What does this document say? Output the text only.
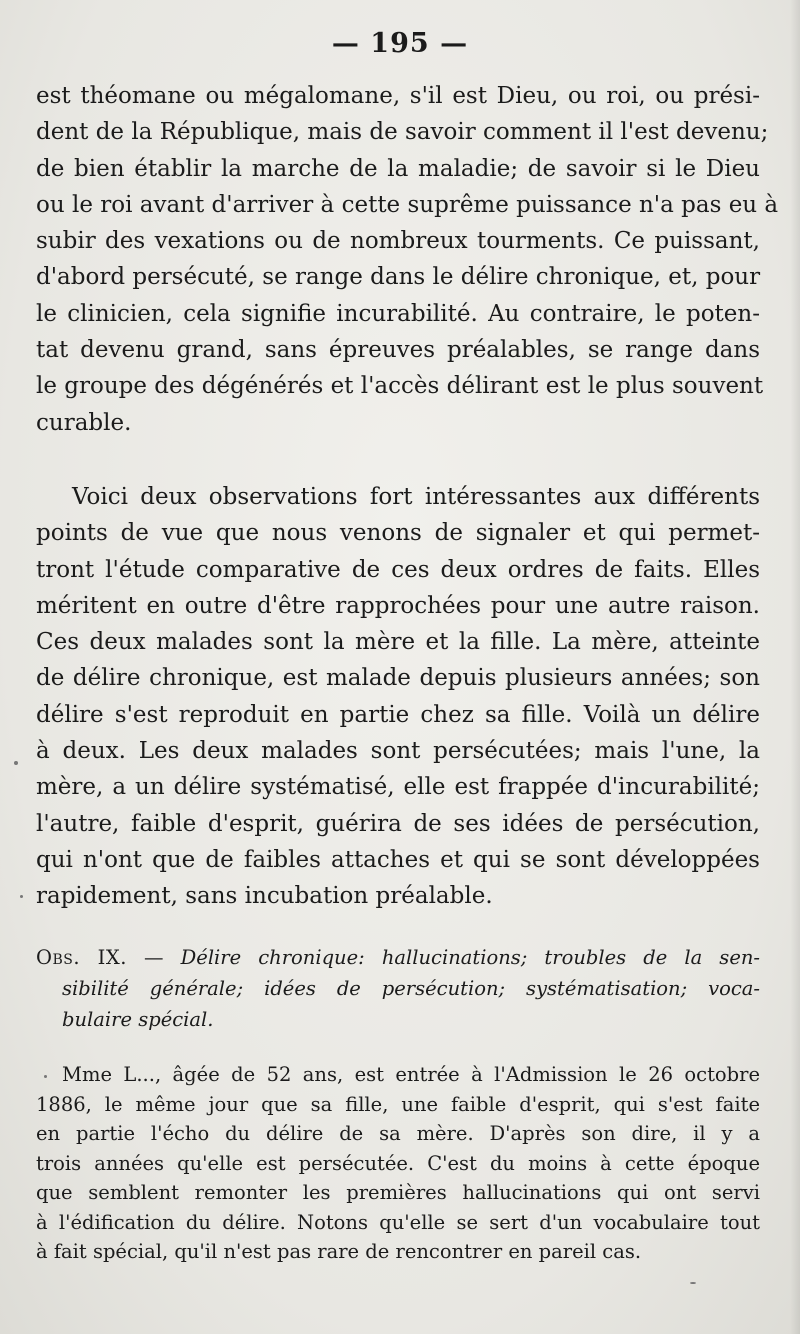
— 195 —
est théomane ou mégalomane, s'il est Dieu, ou roi, ou prési-
dent de la République, mais de savoir comment il l'est devenu;
de bien établir la marche de la maladie; de savoir si le Dieu
ou le roi avant d'arriver à cette suprême puissance n'a pas eu à
subir des vexations ou de nombreux tourments. Ce puissant,
d'abord persécuté, se range dans le délire chronique, et, pour
le clinicien, cela signifie incurabilité. Au contraire, le poten-
tat devenu grand, sans épreuves préalables, se range dans
le groupe des dégénérés et l'accès délirant est le plus souvent
curable.
Voici deux observations fort intéressantes aux différents
points de vue que nous venons de signaler et qui permet-
tront l'étude comparative de ces deux ordres de faits. Elles
méritent en outre d'être rapprochées pour une autre raison.
Ces deux malades sont la mère et la fille. La mère, atteinte
de délire chronique, est malade depuis plusieurs années; son
délire s'est reproduit en partie chez sa fille. Voilà un délire
à deux. Les deux malades sont persécutées; mais l'une, la
mère, a un délire systématisé, elle est frappée d'incurabilité;
l'autre, faible d'esprit, guérira de ses idées de persécution,
qui n'ont que de faibles attaches et qui se sont développées
rapidement, sans incubation préalable.
Obs. IX. — Délire chronique: hallucinations; troubles de la sen-
sibilité générale; idées de persécution; systématisation; voca-
bulaire spécial.
Mme L..., âgée de 52 ans, est entrée à l'Admission le 26 octobre
1886, le même jour que sa fille, une faible d'esprit, qui s'est faite
en partie l'écho du délire de sa mère. D'après son dire, il y a
trois années qu'elle est persécutée. C'est du moins à cette époque
que semblent remonter les premières hallucinations qui ont servi
à l'édification du délire. Notons qu'elle se sert d'un vocabulaire tout
à fait spécial, qu'il n'est pas rare de rencontrer en pareil cas.
